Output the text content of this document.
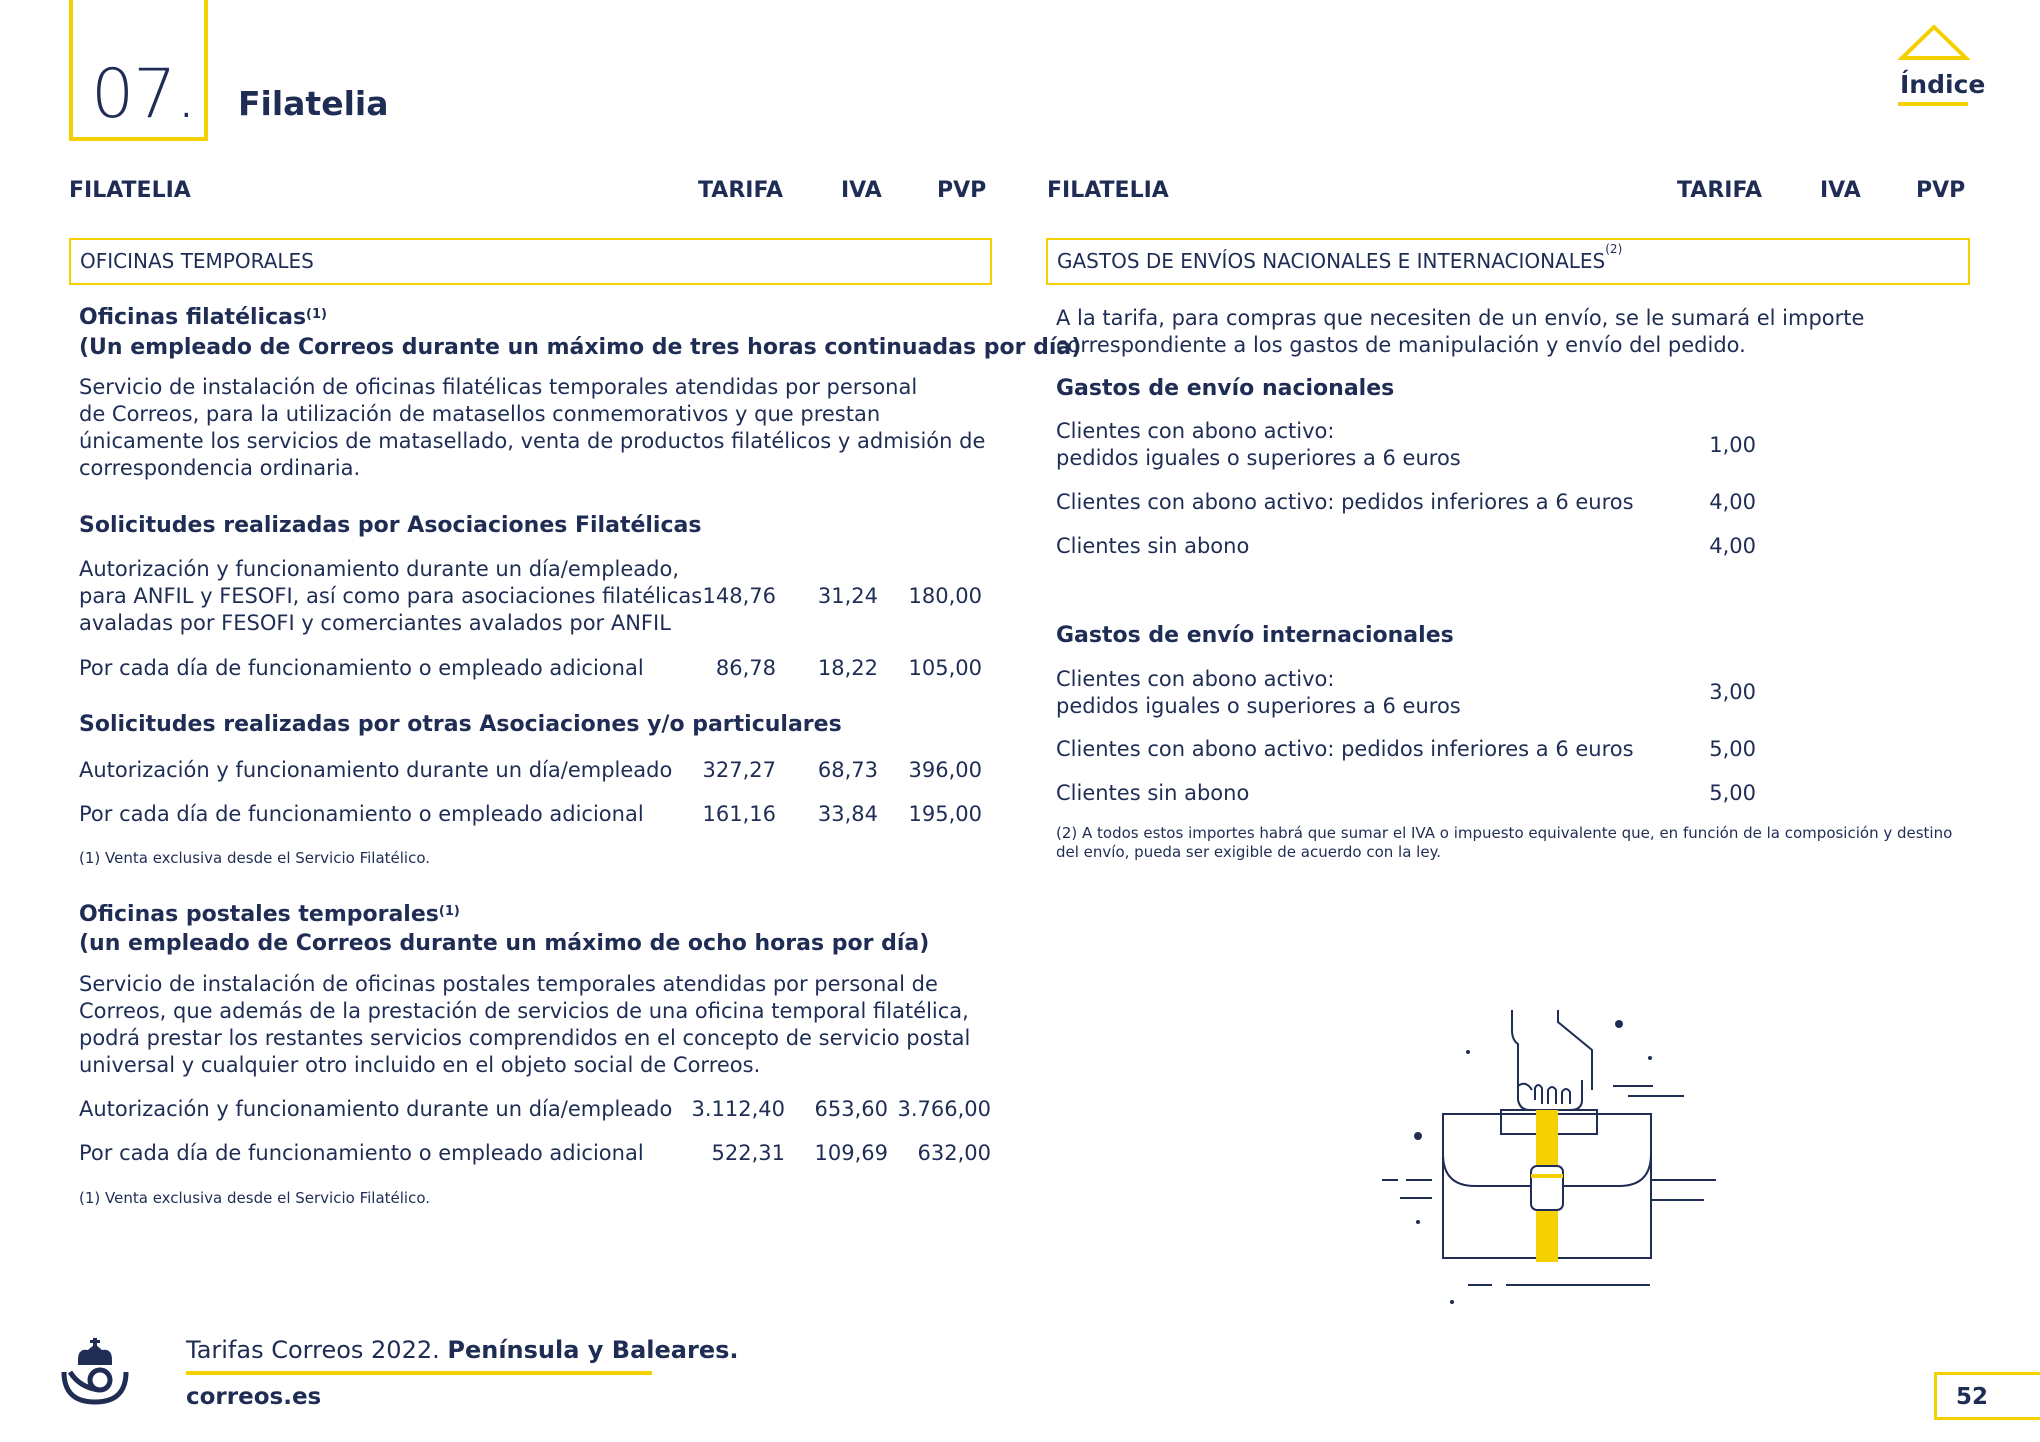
07. Filatelia	Índice
FILATELIA	TARIFA	IVA	PVP
OFICINAS TEMPORALES
Oficinas filatélicas$^{(1)}$
(Un empleado de Correos durante un máximo de tres horas continuadas por día)
Servicio de instalación de oficinas filatélicas temporales atendidas por personal
de Correos, para la utilización de matasellos conmemorativos y que prestan
únicamente los servicios de matasellado, venta de productos filatélicos y admisión de
correspondencia ordinaria.
Solicitudes realizadas por Asociaciones Filatélicas
Autorización y funcionamiento durante un día/empleado,
para ANFIL y FESOFI, así como para asociaciones filatélicas
avaladas por FESOFI y comerciantes avalados por ANFIL
148,76	31,24	180,00
Por cada día de funcionamiento o empleado adicional	86,78	18,22	105,00
Solicitudes realizadas por otras Asociaciones y/o particulares
Autorización y funcionamiento durante un día/empleado	327,27	68,73	396,00
Por cada día de funcionamiento o empleado adicional	161,16	33,84	195,00
(1) Venta exclusiva desde el Servicio Filatélico.
Oficinas postales temporales$^{(1)}$
(un empleado de Correos durante un máximo de ocho horas por día)
Servicio de instalación de oficinas postales temporales atendidas por personal de
Correos, que además de la prestación de servicios de una oficina temporal filatélica,
podrá prestar los restantes servicios comprendidos en el concepto de servicio postal
universal y cualquier otro incluido en el objeto social de Correos.
Autorización y funcionamiento durante un día/empleado 3.112,40	653,60 3.766,00
Por cada día de funcionamiento o empleado adicional	522,31	109,69	632,00
(1) Venta exclusiva desde el Servicio Filatélico.
FILATELIA	TARIFA	IVA	PVP
GASTOS DE ENVÍOS NACIONALES E INTERNACIONALES$^{(2)}$
A la tarifa, para compras que necesiten de un envío, se le sumará el importe
correspondiente a los gastos de manipulación y envío del pedido.
Gastos de envío nacionales
Clientes con abono activo:
pedidos iguales o superiores a 6 euros
1,00
Clientes con abono activo: pedidos inferiores a 6 euros	4,00
Clientes sin abono	4,00
Gastos de envío internacionales
Clientes con abono activo:
pedidos iguales o superiores a 6 euros
3,00
Clientes con abono activo: pedidos inferiores a 6 euros	5,00
Clientes sin abono	5,00
(2) A todos estos importes habrá que sumar el IVA o impuesto equivalente que, en función de la composición y destino
del envío, pueda ser exigible de acuerdo con la ley.
Tarifas Correos 2022. Península y Baleares.
correos.es	52
